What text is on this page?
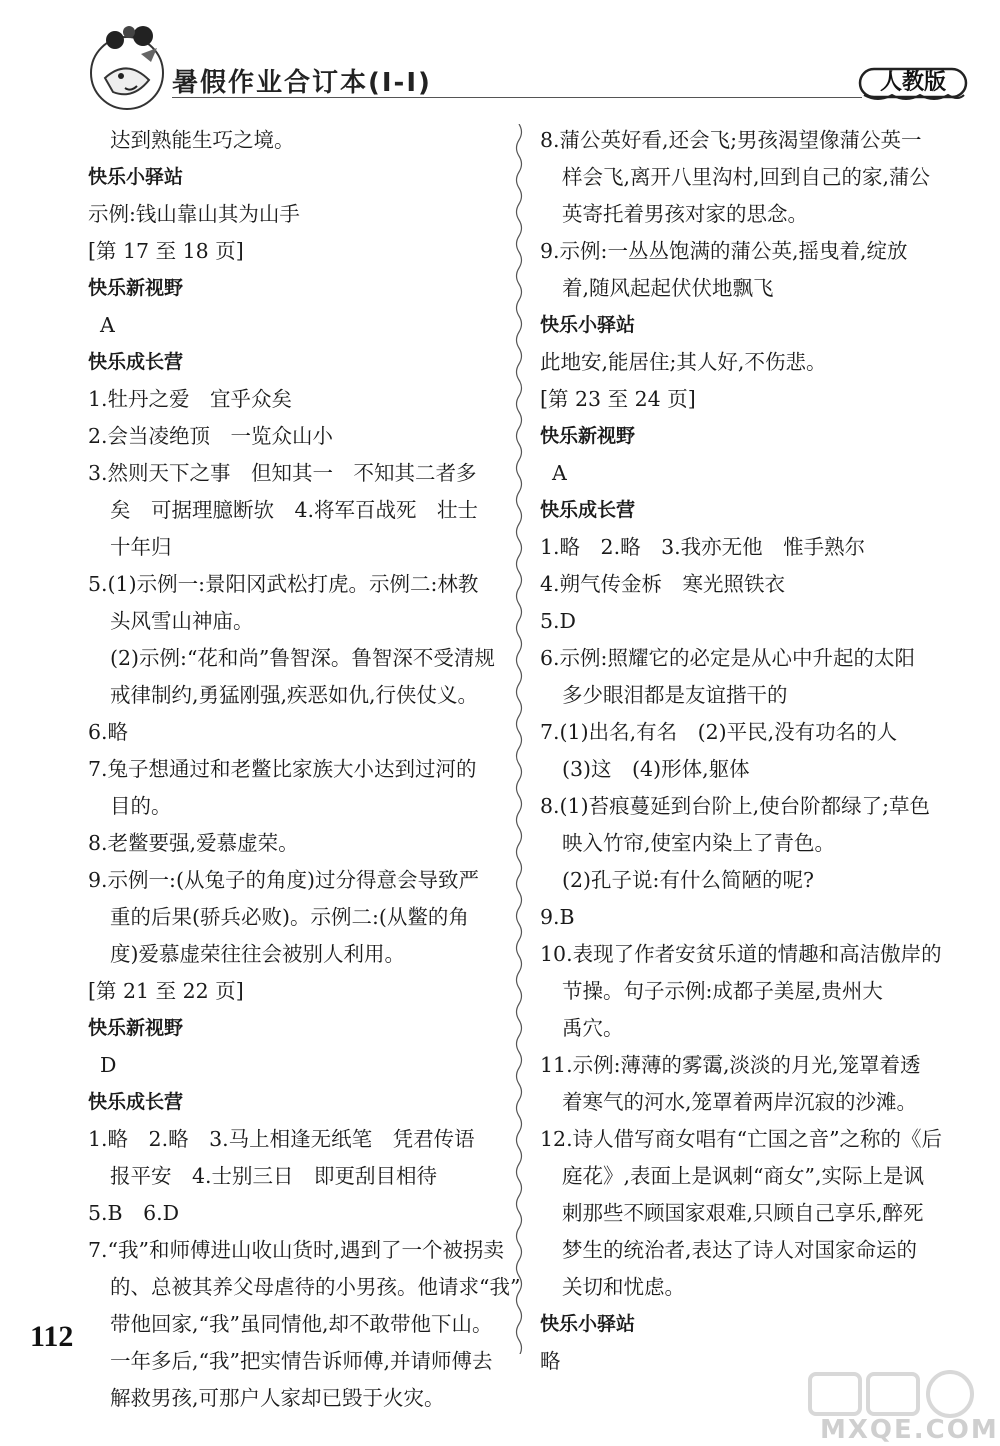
暑假作业合订本(Ⅰ-Ⅰ)	人教版
达到熟能生巧之境。
快乐小驿站
示例:钱山靠山其为山手
[第 17 至 18 页]
快乐新视野
A
快乐成长营
1.牡丹之爱　宜乎众矣
2.会当凌绝顶　一览众山小
3.然则天下之事　但知其一　不知其二者多
矣　可据理臆断欤　4.将军百战死　壮士
十年归
5.(1)示例一:景阳冈武松打虎。示例二:林教
头风雪山神庙。
(2)示例:“花和尚”鲁智深。鲁智深不受清规
戒律制约,勇猛刚强,疾恶如仇,行侠仗义。
6.略
7.兔子想通过和老鳖比家族大小达到过河的
目的。
8.老鳖要强,爱慕虚荣。
9.示例一:(从兔子的角度)过分得意会导致严
重的后果(骄兵必败)。示例二:(从鳖的角
度)爱慕虚荣往往会被别人利用。
[第 21 至 22 页]
快乐新视野
D
快乐成长营
1.略　2.略　3.马上相逢无纸笔　凭君传语
报平安　4.士别三日　即更刮目相待
5.B　6.D
7.“我”和师傅进山收山货时,遇到了一个被拐卖
的、总被其养父母虐待的小男孩。他请求“我”
带他回家,“我”虽同情他,却不敢带他下山。
一年多后,“我”把实情告诉师傅,并请师傅去
解救男孩,可那户人家却已毁于火灾。
8.蒲公英好看,还会飞;男孩渴望像蒲公英一
样会飞,离开八里沟村,回到自己的家,蒲公
英寄托着男孩对家的思念。
9.示例:一丛丛饱满的蒲公英,摇曳着,绽放
着,随风起起伏伏地飘飞
快乐小驿站
此地安,能居住;其人好,不伤悲。
[第 23 至 24 页]
快乐新视野
A
快乐成长营
1.略　2.略　3.我亦无他　惟手熟尔
4.朔气传金柝　寒光照铁衣
5.D
6.示例:照耀它的必定是从心中升起的太阳
多少眼泪都是友谊揩干的
7.(1)出名,有名　(2)平民,没有功名的人
(3)这　(4)形体,躯体
8.(1)苔痕蔓延到台阶上,使台阶都绿了;草色
映入竹帘,使室内染上了青色。
(2)孔子说:有什么简陋的呢?
9.B
10.表现了作者安贫乐道的情趣和高洁傲岸的
节操。句子示例:成都子美屋,贵州大
禹穴。
11.示例:薄薄的雾霭,淡淡的月光,笼罩着透
着寒气的河水,笼罩着两岸沉寂的沙滩。
12.诗人借写商女唱有“亡国之音”之称的《后
庭花》,表面上是讽刺“商女”,实际上是讽
刺那些不顾国家艰难,只顾自己享乐,醉死
梦生的统治者,表达了诗人对国家命运的
关切和忧虑。
快乐小驿站
略
112
MXQE.COM
